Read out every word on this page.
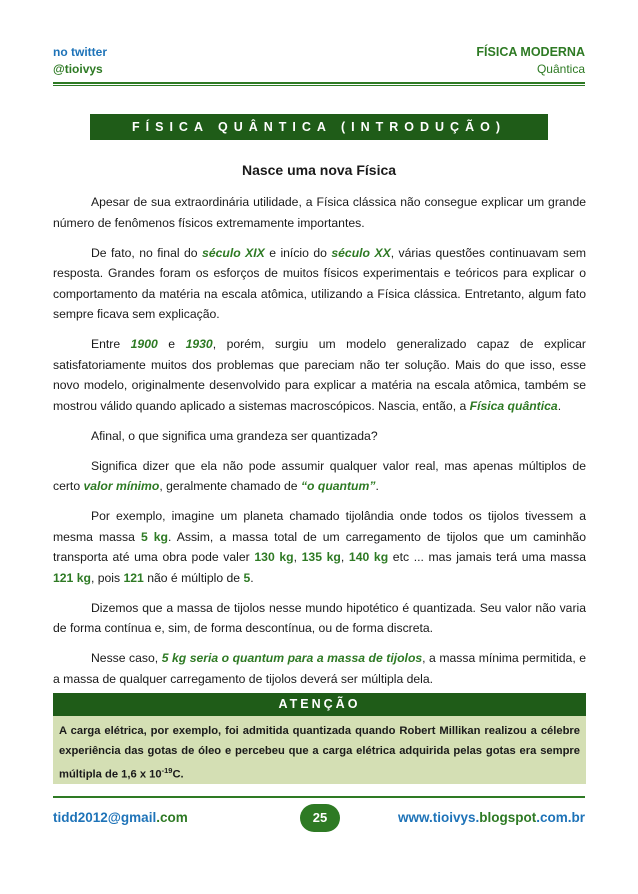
no twitter
@tioivys
FÍSICA MODERNA
Quântica
FÍSICA QUÂNTICA (INTRODUÇÃO)
Nasce uma nova Física

Apesar de sua extraordinária utilidade, a Física clássica não consegue explicar um grande número de fenômenos físicos extremamente importantes.

De fato, no final do século XIX e início do século XX, várias questões continuavam sem resposta. Grandes foram os esforços de muitos físicos experimentais e teóricos para explicar o comportamento da matéria na escala atômica, utilizando a Física clássica. Entretanto, algum fato sempre ficava sem explicação.

Entre 1900 e 1930, porém, surgiu um modelo generalizado capaz de explicar satisfatoriamente muitos dos problemas que pareciam não ter solução. Mais do que isso, esse novo modelo, originalmente desenvolvido para explicar a matéria na escala atômica, também se mostrou válido quando aplicado a sistemas macroscópicos. Nascia, então, a Física quântica.

Afinal, o que significa uma grandeza ser quantizada?

Significa dizer que ela não pode assumir qualquer valor real, mas apenas múltiplos de certo valor mínimo, geralmente chamado de “o quantum”.

Por exemplo, imagine um planeta chamado tijolândia onde todos os tijolos tivessem a mesma massa 5 kg. Assim, a massa total de um carregamento de tijolos que um caminhão transporta até uma obra pode valer 130 kg, 135 kg, 140 kg etc ... mas jamais terá uma massa 121 kg, pois 121 não é múltiplo de 5.

Dizemos que a massa de tijolos nesse mundo hipotético é quantizada. Seu valor não varia de forma contínua e, sim, de forma descontínua, ou de forma discreta.

Nesse caso, 5 kg seria o quantum para a massa de tijolos, a massa mínima permitida, e a massa de qualquer carregamento de tijolos deverá ser múltipla dela.

ATENÇÃO
A carga elétrica, por exemplo, foi admitida quantizada quando Robert Millikan realizou a célebre experiência das gotas de óleo e percebeu que a carga elétrica adquirida pelas gotas era sempre múltipla de 1,6 x $10^{-19}C$.
tidd2012@gmail.com	25	www.tioivys.blogspot.com.br
